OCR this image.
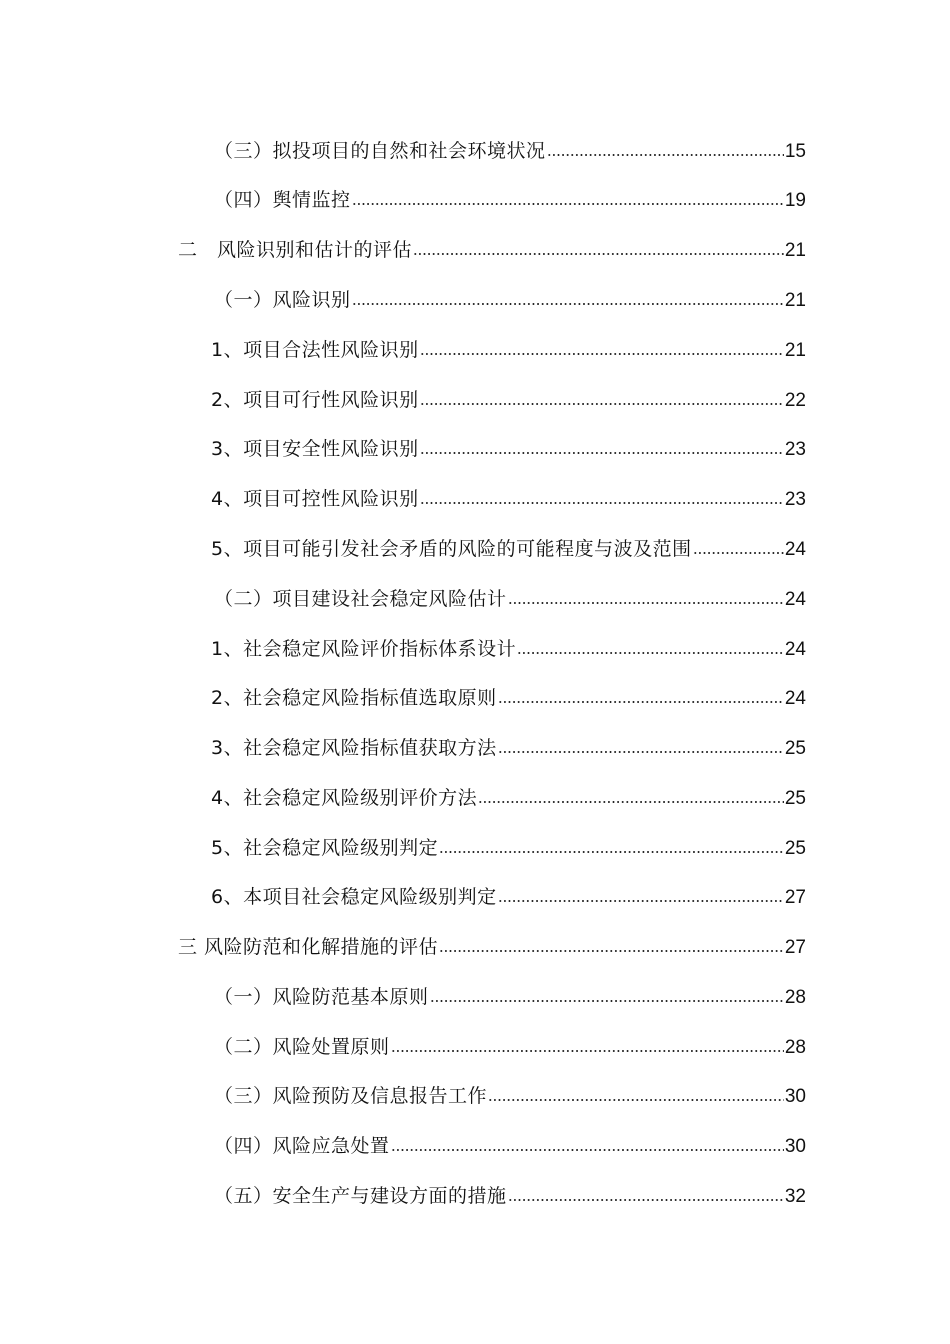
（三）拟投项目的自然和社会环境状况	15
（四）舆情监控	19
二　风险识别和估计的评估	21
（一）风险识别	21
1、项目合法性风险识别	21
2、项目可行性风险识别	22
3、项目安全性风险识别	23
4、项目可控性风险识别	23
5、项目可能引发社会矛盾的风险的可能程度与波及范围	24
（二）项目建设社会稳定风险估计	24
1、社会稳定风险评价指标体系设计	24
2、社会稳定风险指标值选取原则	24
3、社会稳定风险指标值获取方法	25
4、社会稳定风险级别评价方法	25
5、社会稳定风险级别判定	25
6、本项目社会稳定风险级别判定	27
三 风险防范和化解措施的评估	27
（一）风险防范基本原则	28
（二）风险处置原则	28
（三）风险预防及信息报告工作	30
（四）风险应急处置	30
（五）安全生产与建设方面的措施	32
